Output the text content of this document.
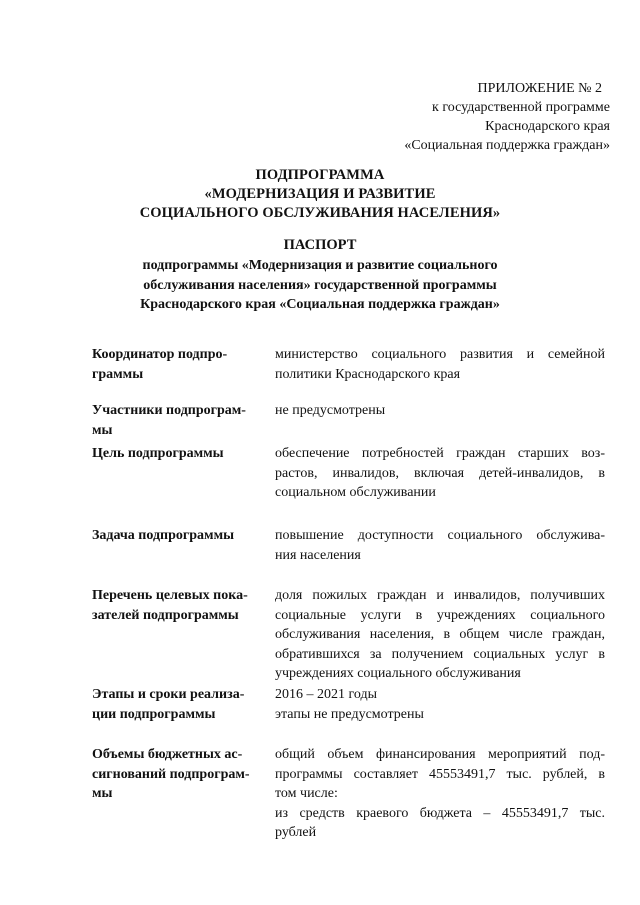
ПРИЛОЖЕНИЕ № 2
к государственной программе
Краснодарского края
«Социальная поддержка граждан»
ПОДПРОГРАММА
«МОДЕРНИЗАЦИЯ И РАЗВИТИЕ
СОЦИАЛЬНОГО ОБСЛУЖИВАНИЯ НАСЕЛЕНИЯ»
ПАСПОРТ
подпрограммы «Модернизация и развитие социального
обслуживания населения» государственной программы
Краснодарского края «Социальная поддержка граждан»
Координатор подпро-
граммы
министерство социального развития и семейной
политики Краснодарского края
Участники подпрограм-
мы
не предусмотрены
Цель подпрограммы	обеспечение потребностей граждан старших воз-
растов, инвалидов, включая детей-инвалидов, в
социальном обслуживании
Задача подпрограммы	повышение доступности социального обслужива-
ния населения
Перечень целевых пока-
зателей подпрограммы
доля пожилых граждан и инвалидов, получивших
социальные услуги в учреждениях социального
обслуживания населения, в общем числе граждан,
обратившихся за получением социальных услуг в
учреждениях социального обслуживания
Этапы и сроки реализа-
ции подпрограммы
2016 – 2021 годы
этапы не предусмотрены
Объемы бюджетных ас-
сигнований подпрограм-
мы
общий объем финансирования мероприятий под-
программы составляет 45553491,7 тыс. рублей, в
том числе:
из средств краевого бюджета – 45553491,7 тыс.
рублей
